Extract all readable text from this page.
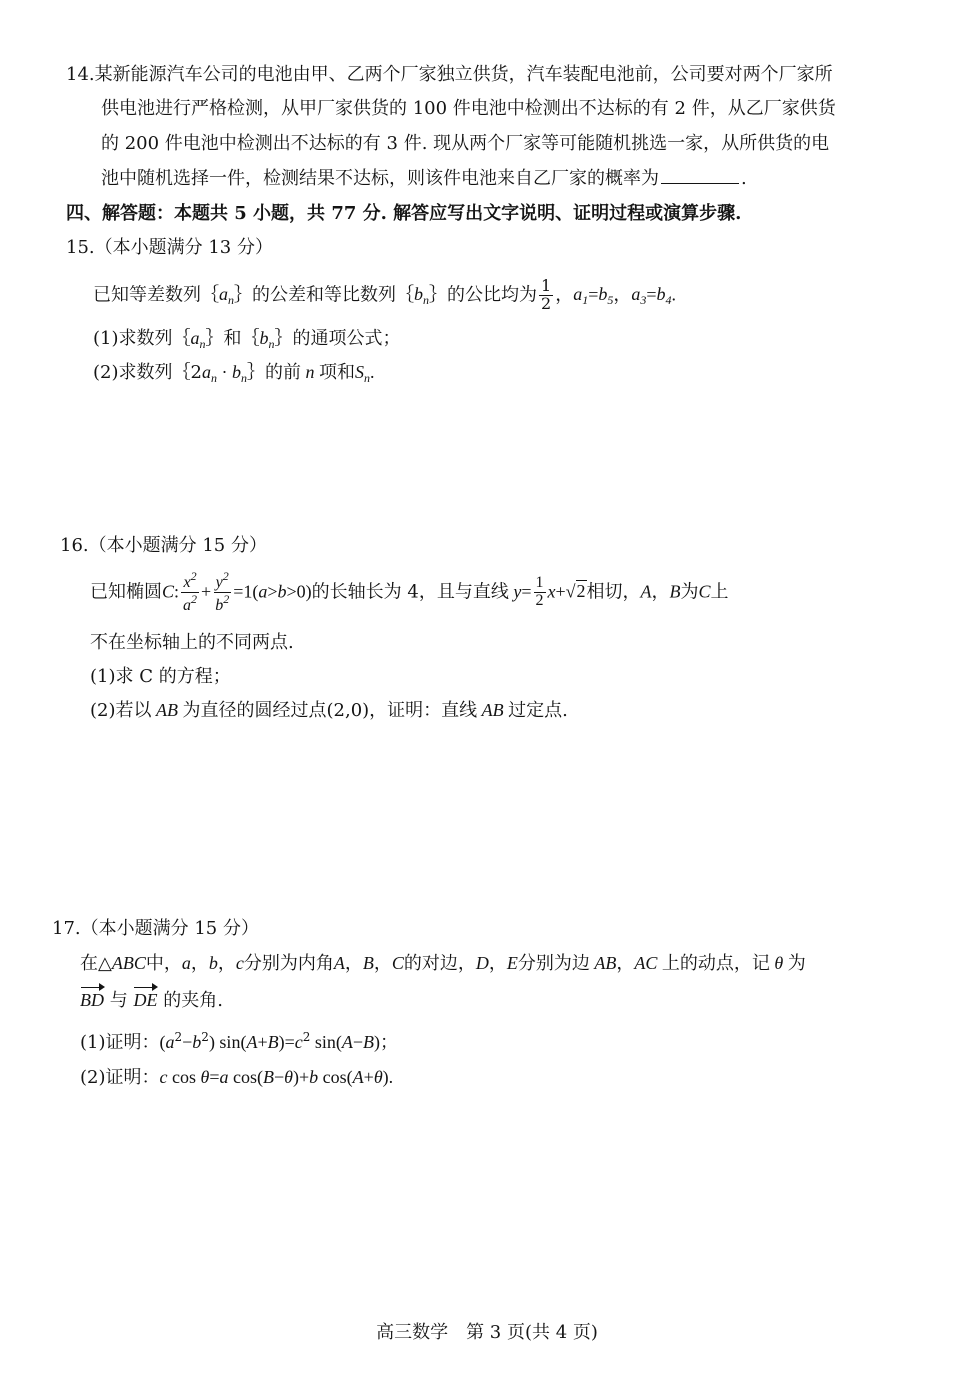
14.某新能源汽车公司的电池由甲、乙两个厂家独立供货，汽车装配电池前，公司要对两个厂家所
供电池进行严格检测，从甲厂家供货的 100 件电池中检测出不达标的有 2 件，从乙厂家供货
的 200 件电池中检测出不达标的有 3 件. 现从两个厂家等可能随机挑选一家，从所供货的电
池中随机选择一件，检测结果不达标，则该件电池来自乙厂家的概率为	.
四、解答题：本题共 5 小题，共 77 分. 解答应写出文字说明、证明过程或演算步骤.
15.（本小题满分 13 分）
已知等差数列$\{a_n\}$的公差和等比数列$\{b_n\}$的公比均为 $\frac{1}{2}$ ，$a_1=b_5$，$a_3=b_4$.
(1)求数列$\{a_n\}$和$\{b_n\}$的通项公式；
(2)求数列$\{2a_n$ · $b_n\}$的前 n 项和$S_n$.
16.（本小题满分 15 分）
已知椭圆C: $\frac{x^2}{a^2} + \frac{y^2}{b^2} =1(a>b>0)$的长轴长为 4，且与直线 $y= \frac{1}{2} x+√2$相切，A，B为C上
不在坐标轴上的不同两点.
(1)求 C 的方程；
(2)若以 AB 为直径的圆经过点(2,0)，证明：直线 AB 过定点.
17.（本小题满分 15 分）
在△ABC中，a，b，c分别为内角A，B，C的对边，D，E分别为边 AB，AC 上的动点，记 θ 为
BD 与 DE 的夹角.
(1)证明：$(a^2-b^2)$ $\sin(A+B)=c^2$ sin(A−B)；
(2)证明：c cos θ=a cos(B−θ)+b cos(A+θ).
高三数学　第 3 页(共 4 页)
